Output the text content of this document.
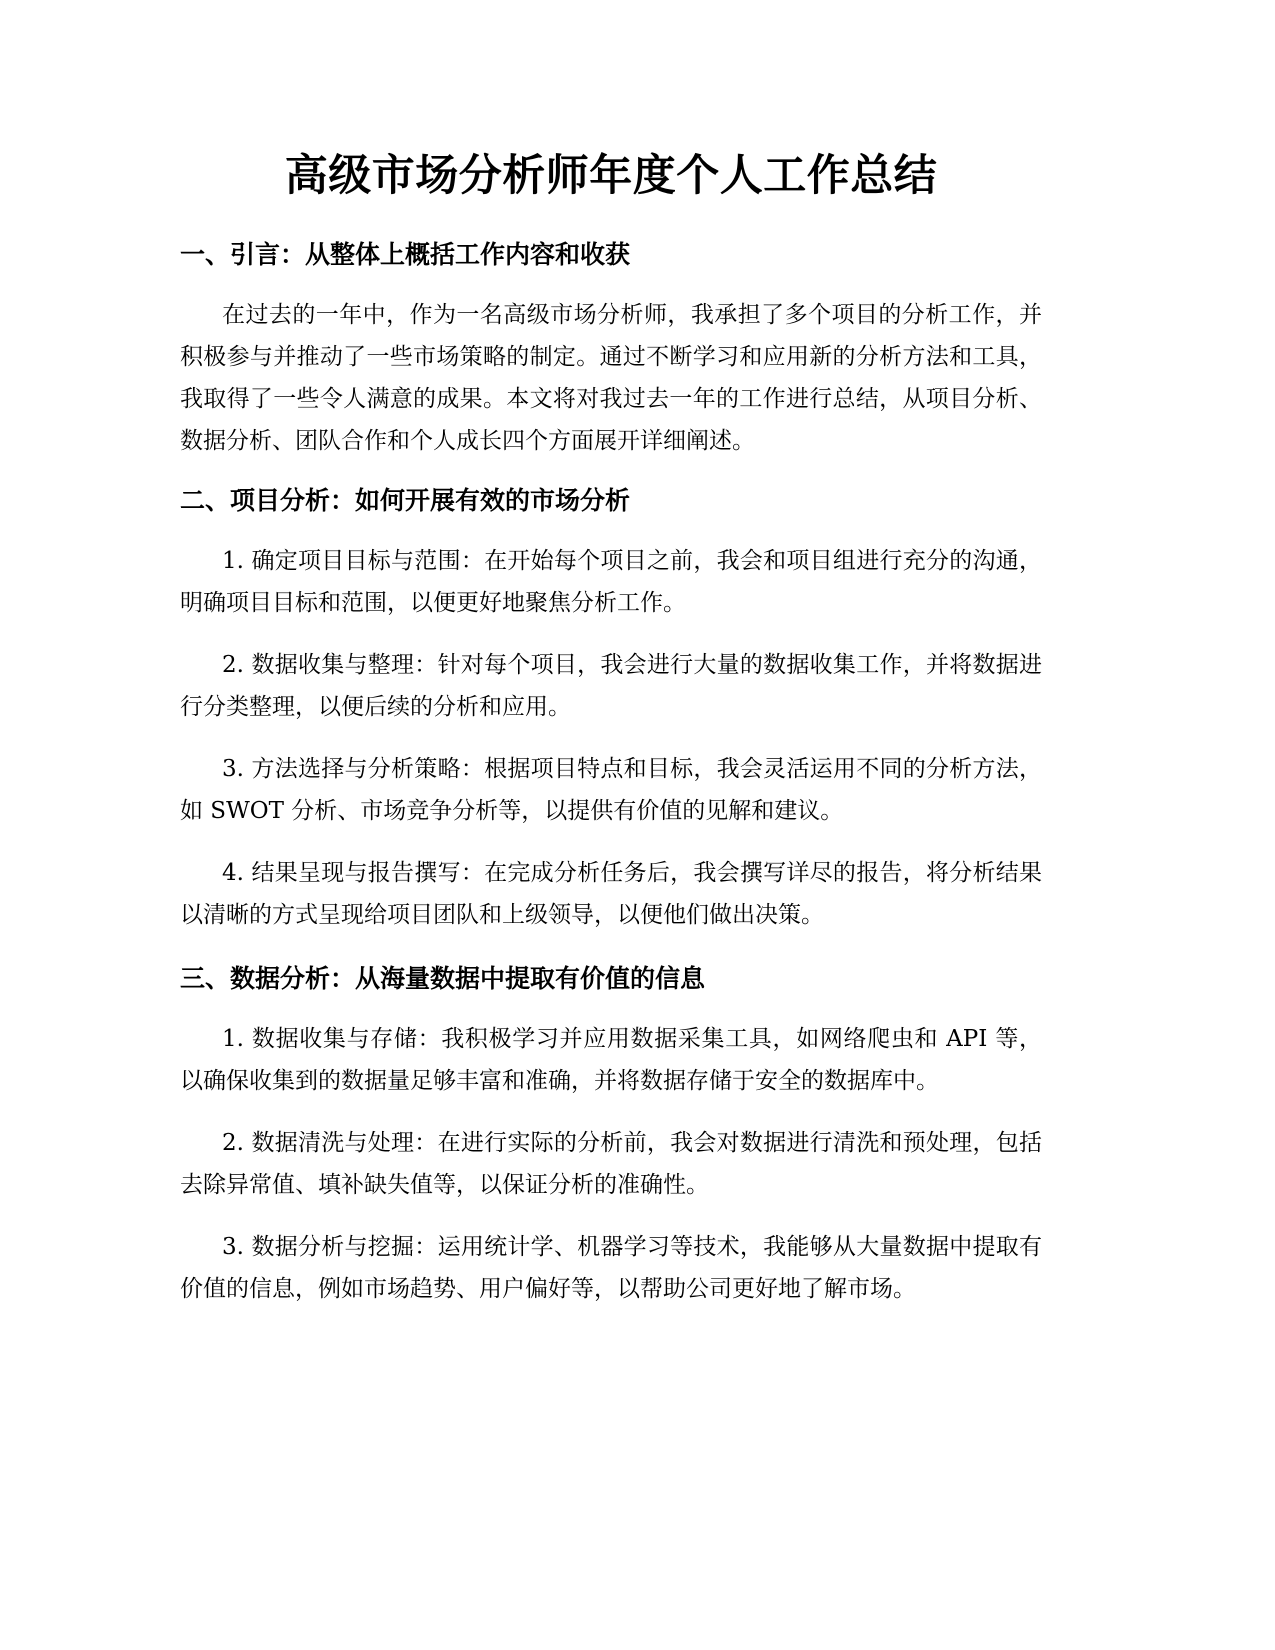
高级市场分析师年度个人工作总结
一、引言：从整体上概括工作内容和收获

在过去的一年中，作为一名高级市场分析师，我承担了多个项目的分析工作，并积极参与并推动了一些市场策略的制定。通过不断学习和应用新的分析方法和工具，我取得了一些令人满意的成果。本文将对我过去一年的工作进行总结，从项目分析、数据分析、团队合作和个人成长四个方面展开详细阐述。

二、项目分析：如何开展有效的市场分析

1. 确定项目目标与范围：在开始每个项目之前，我会和项目组进行充分的沟通，明确项目目标和范围，以便更好地聚焦分析工作。

2. 数据收集与整理：针对每个项目，我会进行大量的数据收集工作，并将数据进行分类整理，以便后续的分析和应用。

3. 方法选择与分析策略：根据项目特点和目标，我会灵活运用不同的分析方法，如 SWOT 分析、市场竞争分析等，以提供有价值的见解和建议。

4. 结果呈现与报告撰写：在完成分析任务后，我会撰写详尽的报告，将分析结果以清晰的方式呈现给项目团队和上级领导，以便他们做出决策。

三、数据分析：从海量数据中提取有价值的信息

1. 数据收集与存储：我积极学习并应用数据采集工具，如网络爬虫和 API 等，以确保收集到的数据量足够丰富和准确，并将数据存储于安全的数据库中。

2. 数据清洗与处理：在进行实际的分析前，我会对数据进行清洗和预处理，包括去除异常值、填补缺失值等，以保证分析的准确性。

3. 数据分析与挖掘：运用统计学、机器学习等技术，我能够从大量数据中提取有价值的信息，例如市场趋势、用户偏好等，以帮助公司更好地了解市场。
